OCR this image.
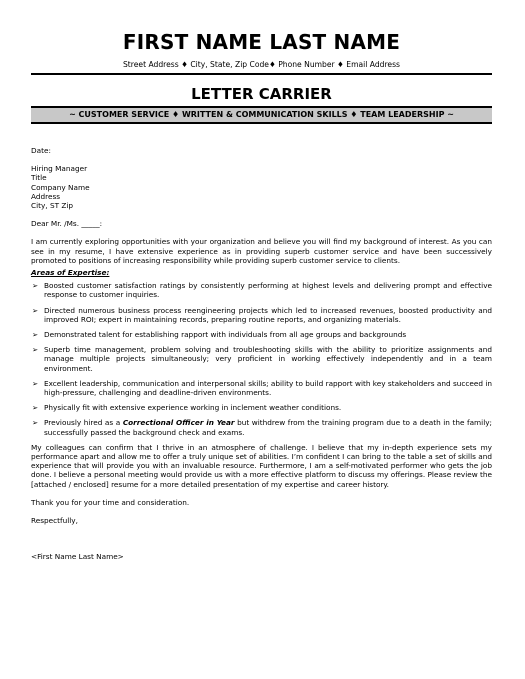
FIRST NAME LAST NAME
Street Address ♦ City, State, Zip Code♦ Phone Number ♦ Email Address
LETTER CARRIER
~ CUSTOMER SERVICE ♦ WRITTEN & COMMUNICATION SKILLS ♦ TEAM LEADERSHIP ~

Date:

Hiring Manager
Title
Company Name
Address
City, ST Zip

Dear Mr. /Ms. _____:

I am currently exploring opportunities with your organization and believe you will find my background of interest. As you can see in my resume, I have extensive experience as in providing superb customer service and have been successively promoted to positions of increasing responsibility while providing superb customer service to clients.

Areas of Expertise:

➢ Boosted customer satisfaction ratings by consistently performing at highest levels and delivering prompt and effective response to customer inquiries.
➢ Directed numerous business process reengineering projects which led to increased revenues, boosted productivity and improved ROI; expert in maintaining records, preparing routine reports, and organizing materials.
➢ Demonstrated talent for establishing rapport with individuals from all age groups and backgrounds
➢ Superb time management, problem solving and troubleshooting skills with the ability to prioritize assignments and manage multiple projects simultaneously; very proficient in working effectively independently and in a team environment.
➢ Excellent leadership, communication and interpersonal skills; ability to build rapport with key stakeholders and succeed in high-pressure, challenging and deadline-driven environments.
➢ Physically fit with extensive experience working in inclement weather conditions.
➢ Previously hired as a Correctional Officer in Year but withdrew from the training program due to a death in the family; successfully passed the background check and exams.

My colleagues can confirm that I thrive in an atmosphere of challenge. I believe that my in-depth experience sets my performance apart and allow me to offer a truly unique set of abilities. I’m confident I can bring to the table a set of skills and experience that will provide you with an invaluable resource. Furthermore, I am a self-motivated performer who gets the job done. I believe a personal meeting would provide us with a more effective platform to discuss my offerings. Please review the [attached / enclosed] resume for a more detailed presentation of my expertise and career history.

Thank you for your time and consideration.

Respectfully,

<First Name Last Name>
